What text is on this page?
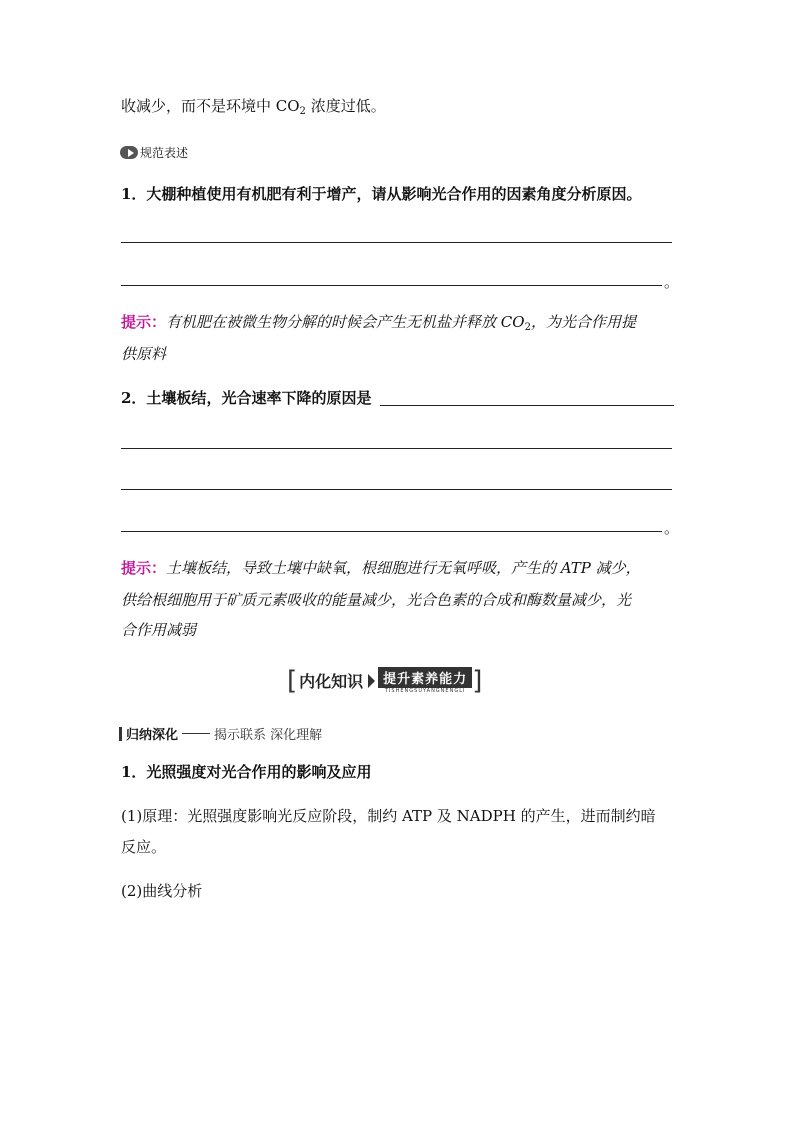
收减少，而不是环境中 $CO_2$ 浓度过低。
规范表述
1．大棚种植使用有机肥有利于增产，请从影响光合作用的因素角度分析原因。
。
提示：有机肥在被微生物分解的时候会产生无机盐并释放 $CO_2$，为光合作用提
供原料
2．土壤板结，光合速率下降的原因是
。
提示：土壤板结，导致土壤中缺氧，根细胞进行无氧呼吸，产生的 ATP 减少，
供给根细胞用于矿质元素吸收的能量减少，光合色素的合成和酶数量减少，光
合作用减弱
[ 内化知识	提升素养能力
TISHENGSUYANGNENGLI ]
归纳深化	揭示联系 深化理解
1．光照强度对光合作用的影响及应用
(1)原理：光照强度影响光反应阶段，制约 ATP 及 NADPH 的产生，进而制约暗
反应。
(2)曲线分析
